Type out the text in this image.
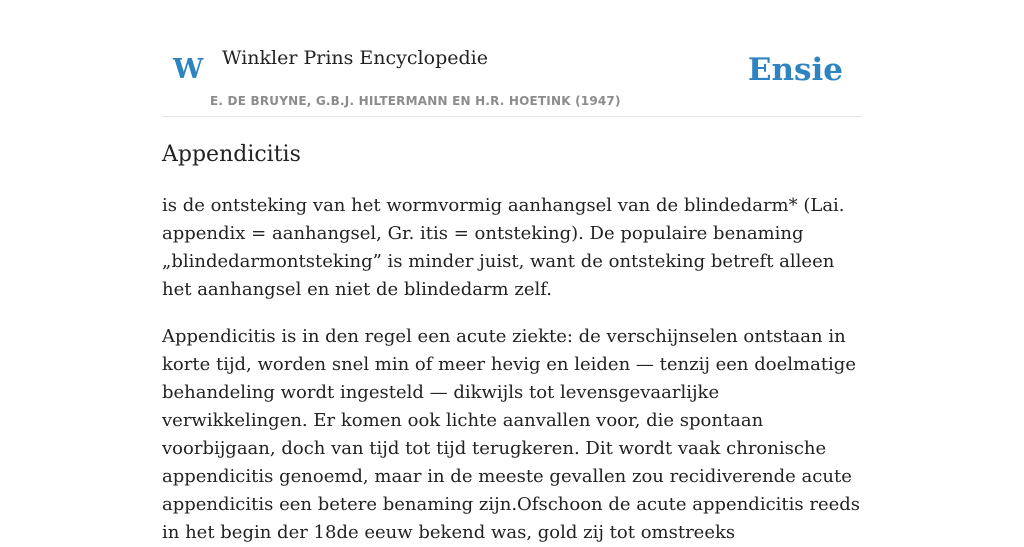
W Winkler Prins Encyclopedie
E. DE BRUYNE, G.B.J. HILTERMANN EN H.R. HOETINK (1947)
Ensie
Appendicitis

is de ontsteking van het wormvormig aanhangsel van de blindedarm* (Lai. appendix = aanhangsel, Gr. itis = ontsteking). De populaire benaming „blindedarmontsteking” is minder juist, want de ontsteking betreft alleen het aanhangsel en niet de blindedarm zelf.

Appendicitis is in den regel een acute ziekte: de verschijnselen ontstaan in korte tijd, worden snel min of meer hevig en leiden — tenzij een doelmatige behandeling wordt ingesteld — dikwijls tot levensgevaarlijke verwikkelingen. Er komen ook lichte aanvallen voor, die spontaan voorbijgaan, doch van tijd tot tijd terugkeren. Dit wordt vaak chronische appendicitis genoemd, maar in de meeste gevallen zou recidiverende acute appendicitis een betere benaming zijn.Ofschoon de acute appendicitis reeds in het begin der 18de eeuw bekend was, gold zij tot omstreeks
